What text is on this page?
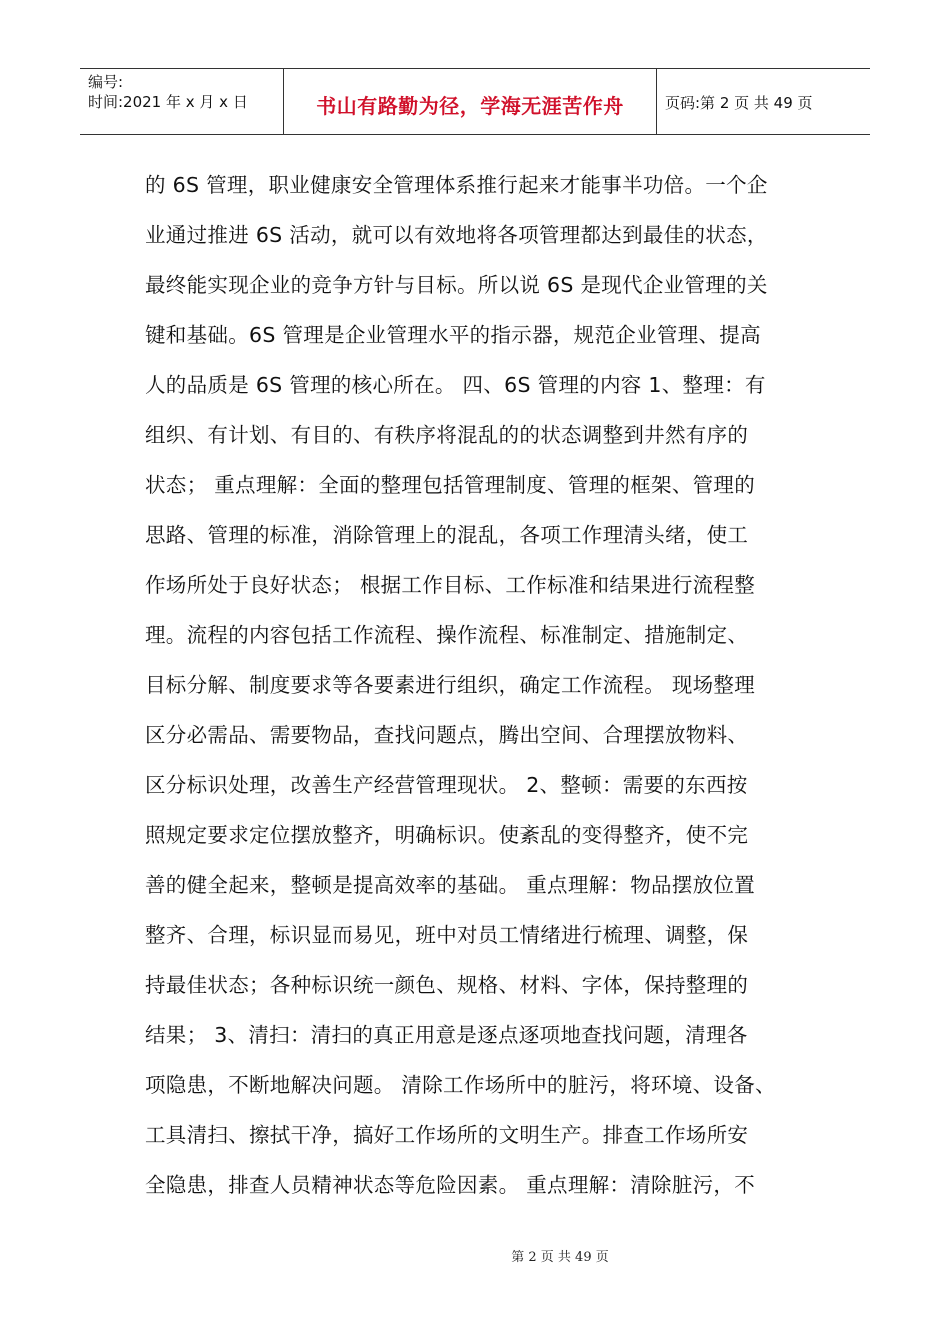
编号:
时间:2021 年 x 月 x 日	书山有路勤为径，学海无涯苦作舟	页码:第 2 页 共 49 页
的 6S 管理，职业健康安全管理体系推行起来才能事半功倍。一个企
业通过推进 6S 活动，就可以有效地将各项管理都达到最佳的状态，
最终能实现企业的竞争方针与目标。所以说 6S 是现代企业管理的关
键和基础。6S 管理是企业管理水平的指示器，规范企业管理、提高
人的品质是 6S 管理的核心所在。 四、6S 管理的内容 1、整理：有
组织、有计划、有目的、有秩序将混乱的的状态调整到井然有序的
状态； 重点理解：全面的整理包括管理制度、管理的框架、管理的
思路、管理的标准，消除管理上的混乱，各项工作理清头绪，使工
作场所处于良好状态； 根据工作目标、工作标准和结果进行流程整
理。流程的内容包括工作流程、操作流程、标准制定、措施制定、
目标分解、制度要求等各要素进行组织，确定工作流程。 现场整理
区分必需品、需要物品，查找问题点，腾出空间、合理摆放物料、
区分标识处理，改善生产经营管理现状。 2、整顿：需要的东西按
照规定要求定位摆放整齐，明确标识。使紊乱的变得整齐，使不完
善的健全起来，整顿是提高效率的基础。 重点理解：物品摆放位置
整齐、合理，标识显而易见，班中对员工情绪进行梳理、调整，保
持最佳状态；各种标识统一颜色、规格、材料、字体，保持整理的
结果； 3、清扫：清扫的真正用意是逐点逐项地查找问题，清理各
项隐患，不断地解决问题。 清除工作场所中的脏污，将环境、设备、
工具清扫、擦拭干净，搞好工作场所的文明生产。排查工作场所安
全隐患，排查人员精神状态等危险因素。 重点理解：清除脏污，不
第 2 页 共 49 页
